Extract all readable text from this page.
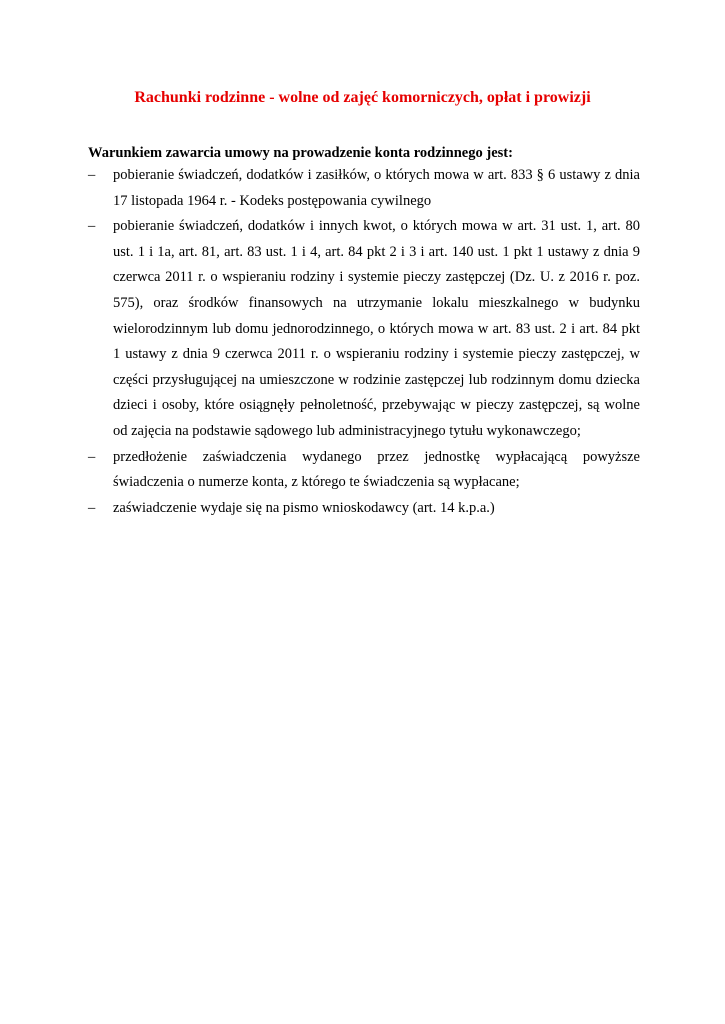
Rachunki rodzinne - wolne od zajęć komorniczych, opłat i prowizji
Warunkiem zawarcia umowy na prowadzenie konta rodzinnego jest:
– pobieranie świadczeń, dodatków i zasiłków, o których mowa w art. 833 § 6 ustawy z dnia 17 listopada 1964 r. - Kodeks postępowania cywilnego
– pobieranie świadczeń, dodatków i innych kwot, o których mowa w art. 31 ust. 1, art. 80 ust. 1 i 1a, art. 81, art. 83 ust. 1 i 4, art. 84 pkt 2 i 3 i art. 140 ust. 1 pkt 1 ustawy z dnia 9 czerwca 2011 r. o wspieraniu rodziny i systemie pieczy zastępczej (Dz. U. z 2016 r. poz. 575), oraz środków finansowych na utrzymanie lokalu mieszkalnego w budynku wielorodzinnym lub domu jednorodzinnego, o których mowa w art. 83 ust. 2 i art. 84 pkt 1 ustawy z dnia 9 czerwca 2011 r. o wspieraniu rodziny i systemie pieczy zastępczej, w części przysługującej na umieszczone w rodzinie zastępczej lub rodzinnym domu dziecka dzieci i osoby, które osiągnęły pełnoletność, przebywając w pieczy zastępczej, są wolne od zajęcia na podstawie sądowego lub administracyjnego tytułu wykonawczego;
– przedłożenie zaświadczenia wydanego przez jednostkę wypłacającą powyższe świadczenia o numerze konta, z którego te świadczenia są wypłacane;
– zaświadczenie wydaje się na pismo wnioskodawcy (art. 14 k.p.a.)
